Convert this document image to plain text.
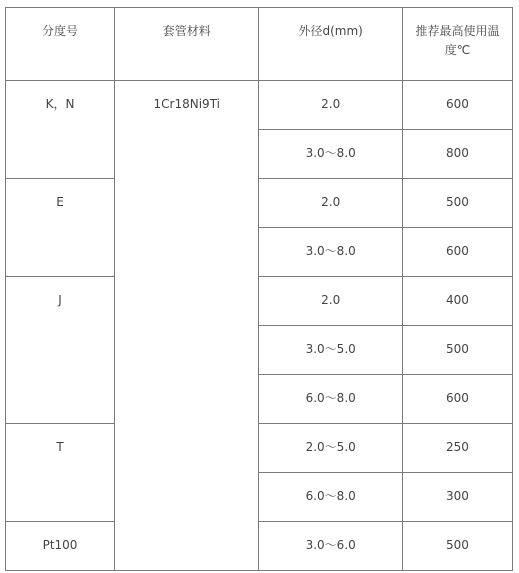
分度号	套管材料	外径d(mm)	推荐最高使用温度℃
K，N	1Cr18Ni9Ti	2.0	600
		3.0～8.0	800
E		2.0	500
		3.0～8.0	600
J		2.0	400
		3.0～5.0	500
		6.0～8.0	600
T		2.0～5.0	250
		6.0～8.0	300
Pt100		3.0～6.0	500
